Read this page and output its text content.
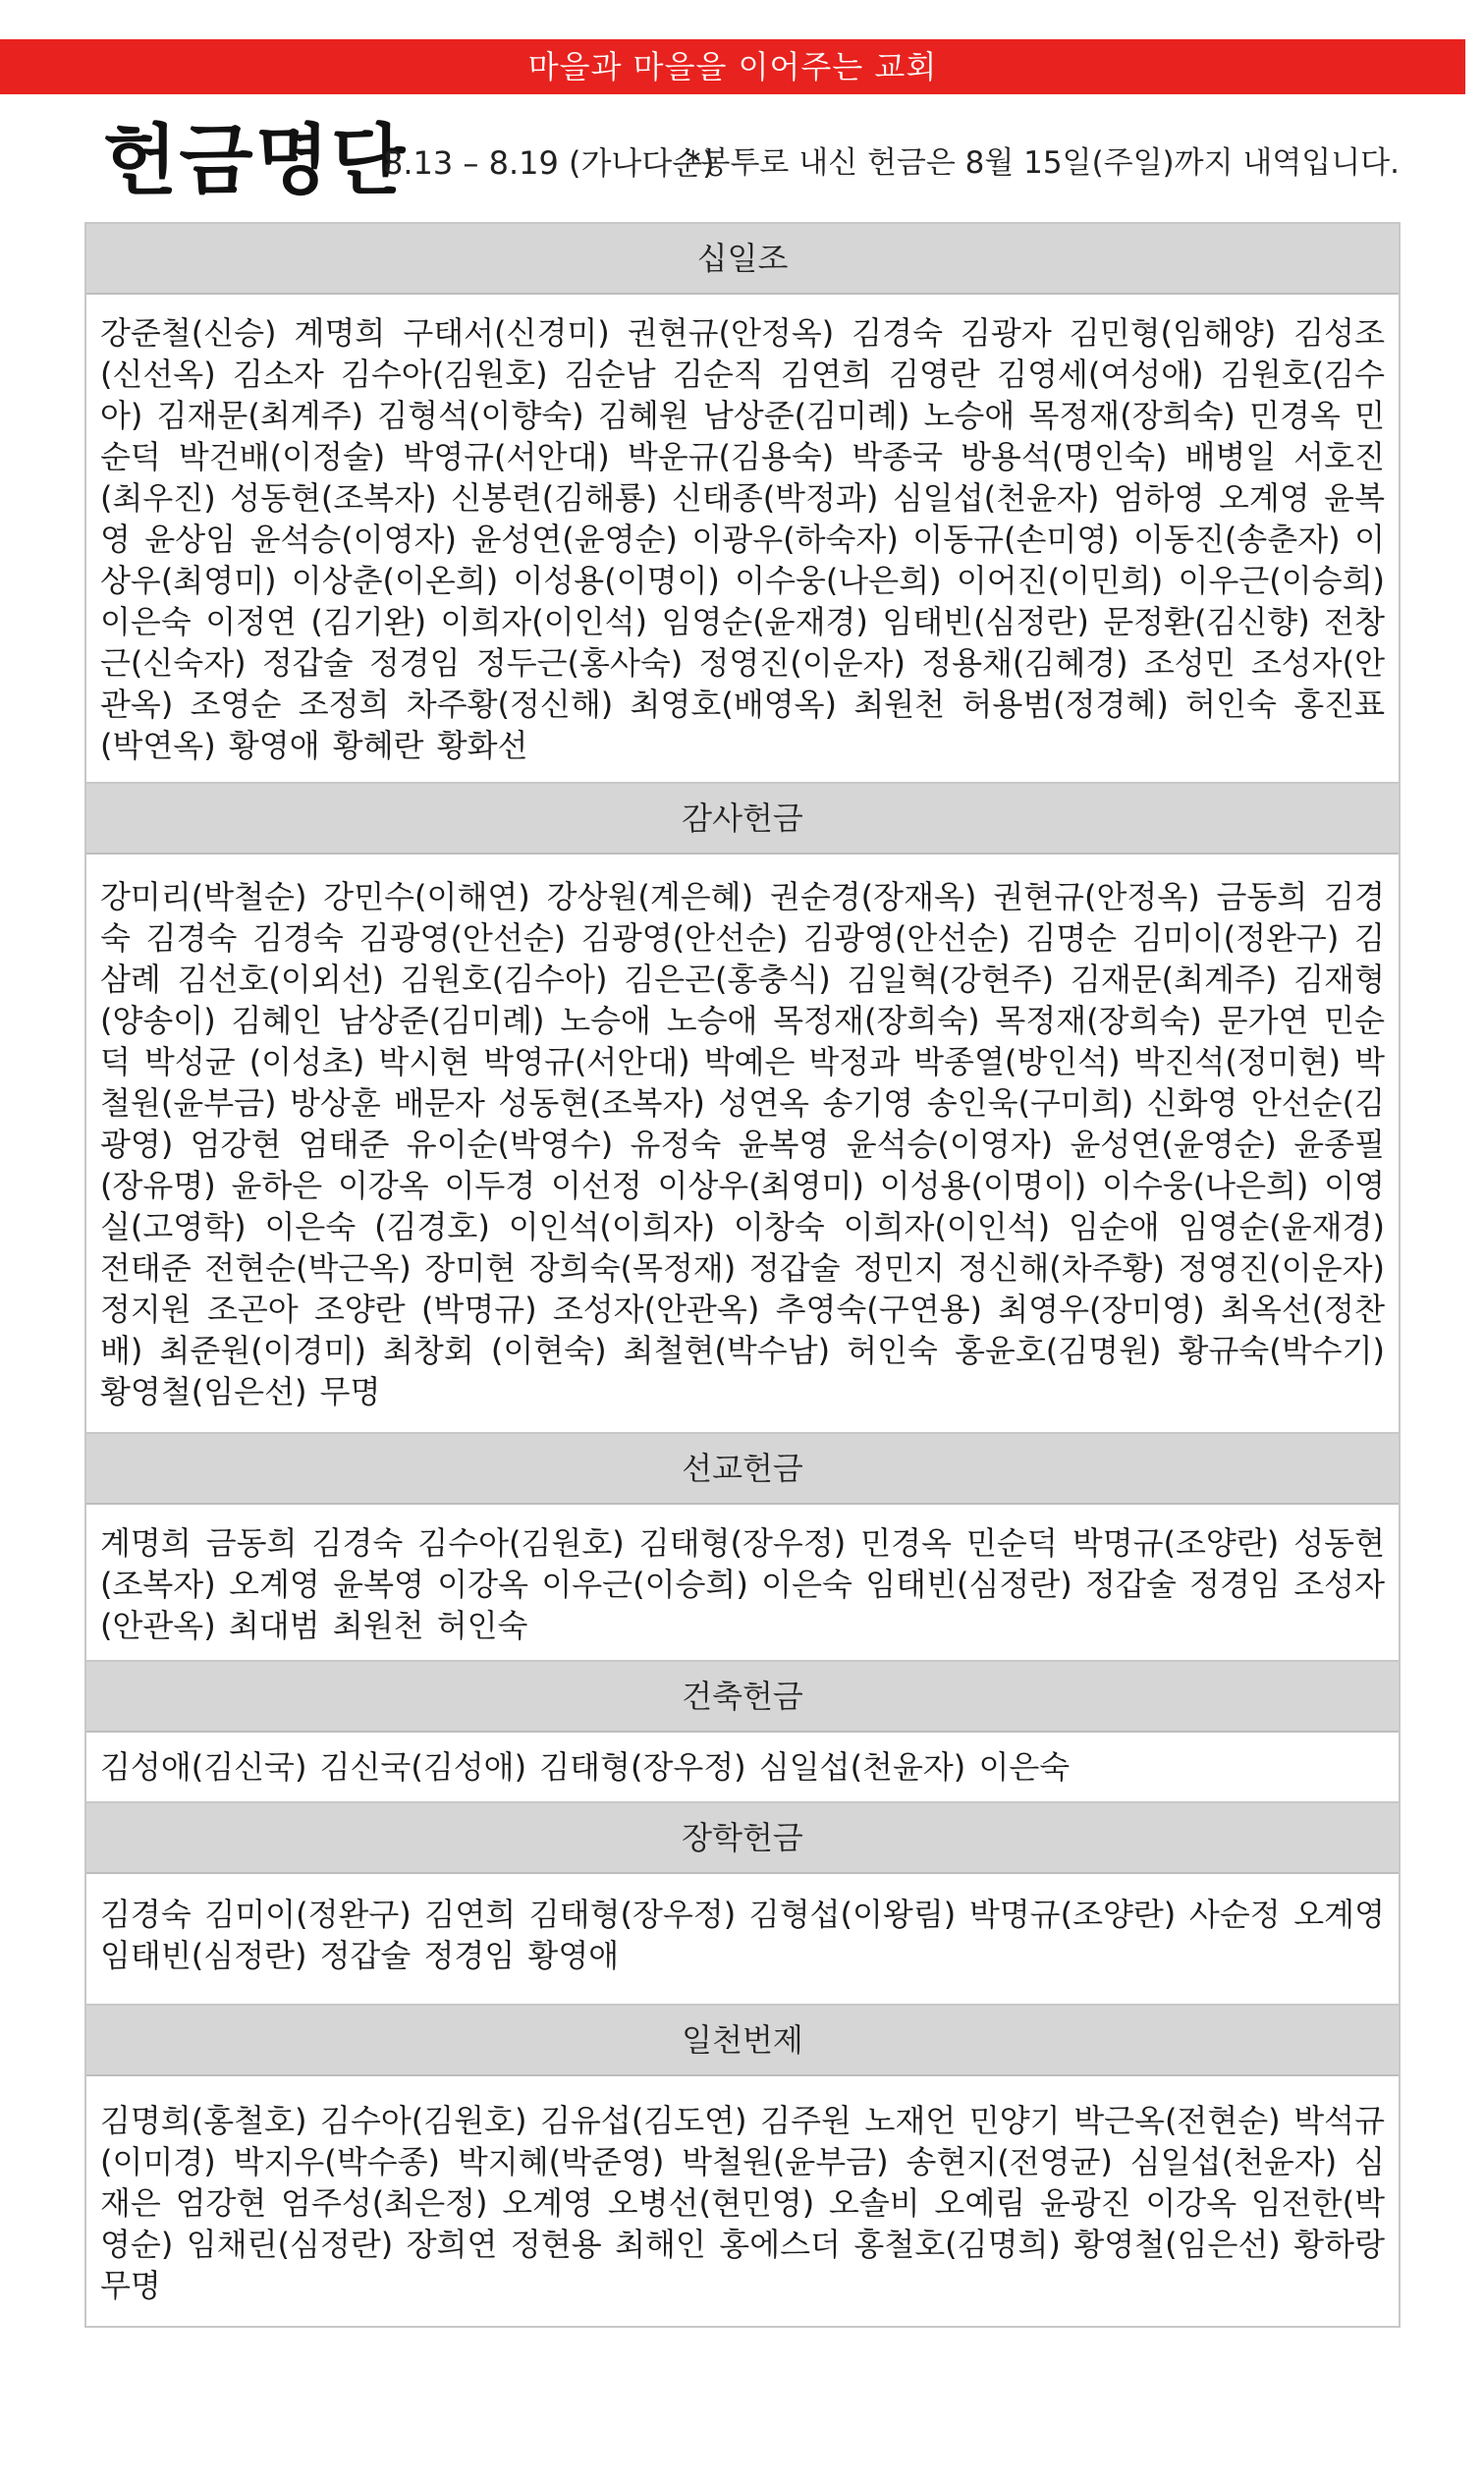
마을과 마을을 이어주는 교회
헌금명단
8.13 – 8.19 (가나다순)
*봉투로 내신 헌금은 8월 15일(주일)까지 내역입니다.
십일조
강준철(신승) 계명희 구태서(신경미) 권현규(안정옥) 김경숙 김광자 김민형(임해양) 김성조 (신선옥) 김소자 김수아(김원호) 김순남 김순직 김연희 김영란 김영세(여성애) 김원호(김수아) 김재문(최계주) 김형석(이향숙) 김혜원 남상준(김미례) 노승애 목정재(장희숙) 민경옥 민순덕 박건배(이정술) 박영규(서안대) 박운규(김용숙) 박종국 방용석(명인숙) 배병일 서호진(최우진) 성동현(조복자) 신봉련(김해룡) 신태종(박정과) 심일섭(천윤자) 엄하영 오계영 윤복영 윤상임 윤석승(이영자) 윤성연(윤영순) 이광우(하숙자) 이동규(손미영) 이동진(송춘자) 이상우(최영미) 이상춘(이온희) 이성용(이명이) 이수웅(나은희) 이어진(이민희) 이우근(이승희) 이은숙 이정연 (김기완) 이희자(이인석) 임영순(윤재경) 임태빈(심정란) 문정환(김신향) 전창근(신숙자) 정갑술 정경임 정두근(홍사숙) 정영진(이운자) 정용채(김혜경) 조성민 조성자(안관옥) 조영순 조정희 차주황(정신해) 최영호(배영옥) 최원천 허용범(정경혜) 허인숙 홍진표(박연옥) 황영애 황혜란 황화선
감사헌금
강미리(박철순) 강민수(이해연) 강상원(계은혜) 권순경(장재옥) 권현규(안정옥) 금동희 김경숙 김경숙 김경숙 김광영(안선순) 김광영(안선순) 김광영(안선순) 김명순 김미이(정완구) 김삼례 김선호(이외선) 김원호(김수아) 김은곤(홍충식) 김일혁(강현주) 김재문(최계주) 김재형(양송이) 김혜인 남상준(김미례) 노승애 노승애 목정재(장희숙) 목정재(장희숙) 문가연 민순덕 박성균 (이성초) 박시현 박영규(서안대) 박예은 박정과 박종열(방인석) 박진석(정미현) 박철원(윤부금) 방상훈 배문자 성동현(조복자) 성연옥 송기영 송인욱(구미희) 신화영 안선순(김광영) 엄강현 엄태준 유이순(박영수) 유정숙 윤복영 윤석승(이영자) 윤성연(윤영순) 윤종필(장유명) 윤하은 이강옥 이두경 이선정 이상우(최영미) 이성용(이명이) 이수웅(나은희) 이영실(고영학) 이은숙 (김경호) 이인석(이희자) 이창숙 이희자(이인석) 임순애 임영순(윤재경) 전태준 전현순(박근옥) 장미현 장희숙(목정재) 정갑술 정민지 정신해(차주황) 정영진(이운자) 정지원 조곤아 조양란 (박명규) 조성자(안관옥) 추영숙(구연용) 최영우(장미영) 최옥선(정찬배) 최준원(이경미) 최창회 (이현숙) 최철현(박수남) 허인숙 홍윤호(김명원) 황규숙(박수기) 황영철(임은선) 무명
선교헌금
계명희 금동희 김경숙 김수아(김원호) 김태형(장우정) 민경옥 민순덕 박명규(조양란) 성동현 (조복자) 오계영 윤복영 이강옥 이우근(이승희) 이은숙 임태빈(심정란) 정갑술 정경임 조성자 (안관옥) 최대범 최원천 허인숙
건축헌금
김성애(김신국) 김신국(김성애) 김태형(장우정) 심일섭(천윤자) 이은숙
장학헌금
김경숙 김미이(정완구) 김연희 김태형(장우정) 김형섭(이왕림) 박명규(조양란) 사순정 오계영 임태빈(심정란) 정갑술 정경임 황영애
일천번제
김명희(홍철호) 김수아(김원호) 김유섭(김도연) 김주원 노재언 민양기 박근옥(전현순) 박석규 (이미경) 박지우(박수종) 박지혜(박준영) 박철원(윤부금) 송현지(전영균) 심일섭(천윤자) 심재은 엄강현 엄주성(최은정) 오계영 오병선(현민영) 오솔비 오예림 윤광진 이강옥 임전한(박영순) 임채린(심정란) 장희연 정현용 최해인 홍에스더 홍철호(김명희) 황영철(임은선) 황하랑 무명
